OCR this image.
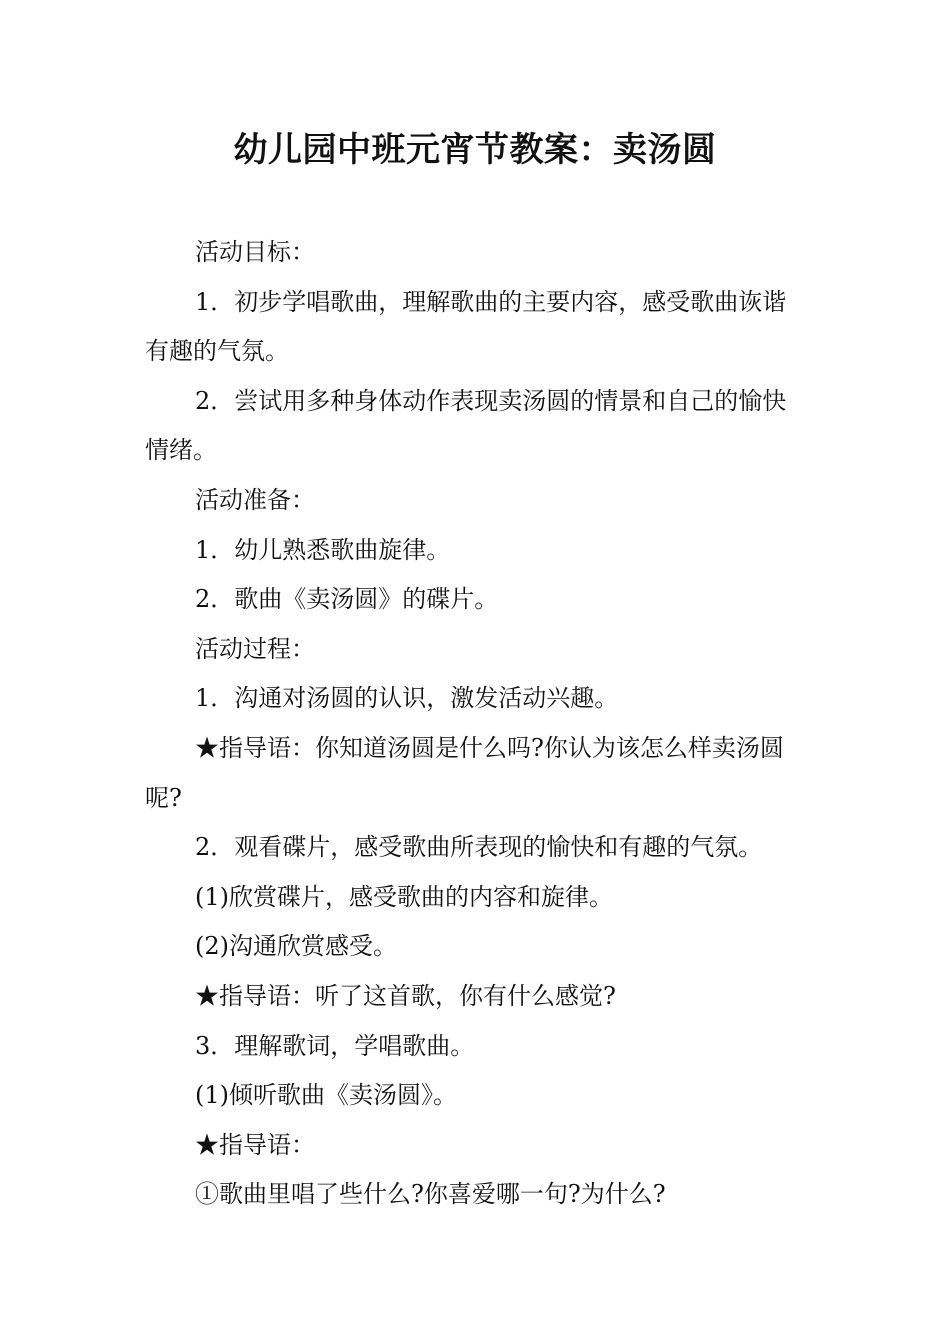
幼儿园中班元宵节教案：卖汤圆

活动目标：

1．初步学唱歌曲，理解歌曲的主要内容，感受歌曲诙谐有趣的气氛。

2．尝试用多种身体动作表现卖汤圆的情景和自己的愉快情绪。

活动准备：

1．幼儿熟悉歌曲旋律。

2．歌曲《卖汤圆》的碟片。

活动过程：

1．沟通对汤圆的认识，激发活动兴趣。

★指导语：你知道汤圆是什么吗?你认为该怎么样卖汤圆呢?

2．观看碟片，感受歌曲所表现的愉快和有趣的气氛。

(1)欣赏碟片，感受歌曲的内容和旋律。

(2)沟通欣赏感受。

★指导语：听了这首歌，你有什么感觉?

3．理解歌词，学唱歌曲。

(1)倾听歌曲《卖汤圆》。

★指导语：

①歌曲里唱了些什么?你喜爱哪一句?为什么?
